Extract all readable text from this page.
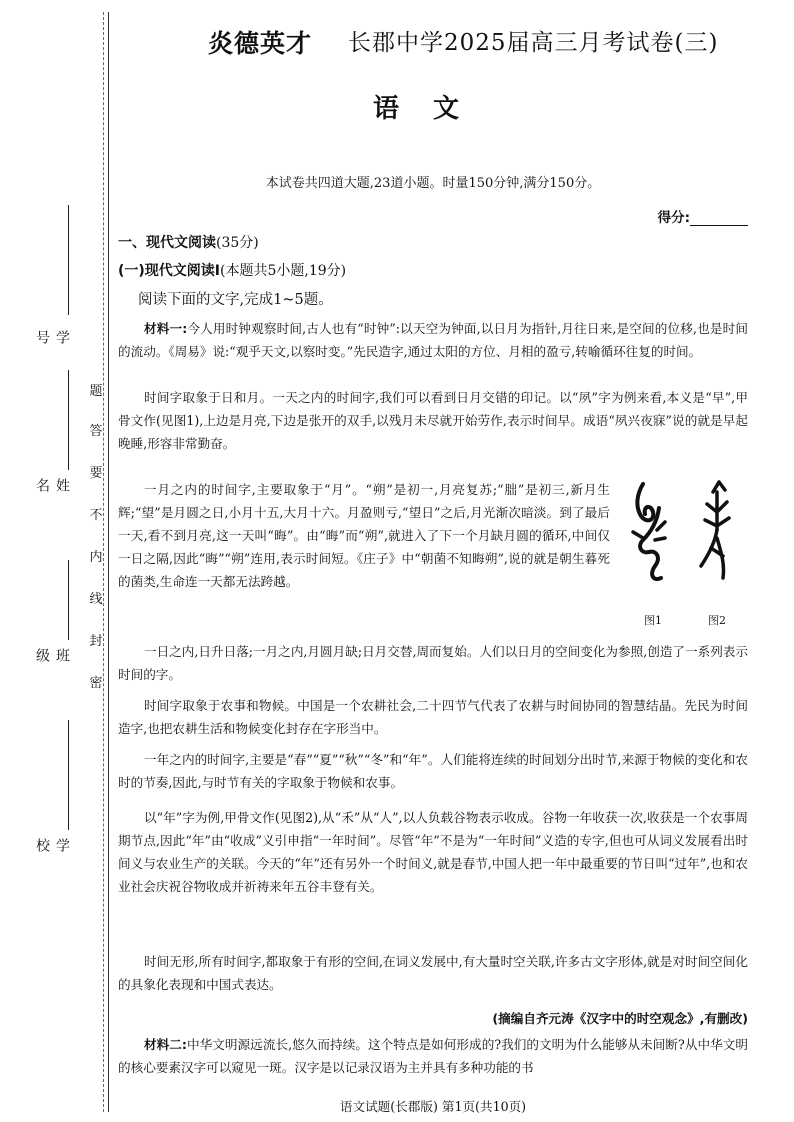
题
答
要
不
内
线
封
密
学号
姓名
班级
学校
炎德英才 长郡中学2025届高三月考试卷(三)
语文
本试卷共四道大题,23道小题。时量150分钟,满分150分。
得分:
一、现代文阅读(35分)
(一)现代文阅读Ⅰ(本题共5小题,19分)
阅读下面的文字,完成1~5题。
材料一:今人用时钟观察时间,古人也有“时钟”:以天空为钟面,以日月为指针,月往日来,是空间的位移,也是时间的流动。《周易》说:“观乎天文,以察时变。”先民造字,通过太阳的方位、月相的盈亏,转喻循环往复的时间。
时间字取象于日和月。一天之内的时间字,我们可以看到日月交错的印记。以“夙”字为例来看,本义是“早”,甲骨文作(见图1),上边是月亮,下边是张开的双手,以残月未尽就开始劳作,表示时间早。成语“夙兴夜寐”说的就是早起晚睡,形容非常勤奋。
一月之内的时间字,主要取象于“月”。“朔”是初一,月亮复苏;“朏”是初三,新月生辉;“望”是月圆之日,小月十五,大月十六。月盈则亏,“望日”之后,月光渐次暗淡。到了最后一天,看不到月亮,这一天叫“晦”。由“晦”而“朔”,就进入了下一个月缺月圆的循环,中间仅一日之隔,因此“晦”“朔”连用,表示时间短。《庄子》中“朝菌不知晦朔”,说的就是朝生暮死的菌类,生命连一天都无法跨越。
图1	图2
一日之内,日升日落;一月之内,月圆月缺;日月交替,周而复始。人们以日月的空间变化为参照,创造了一系列表示时间的字。
时间字取象于农事和物候。中国是一个农耕社会,二十四节气代表了农耕与时间协同的智慧结晶。先民为时间造字,也把农耕生活和物候变化封存在字形当中。
一年之内的时间字,主要是“春”“夏”“秋”“冬”和“年”。人们能将连续的时间划分出时节,来源于物候的变化和农时的节奏,因此,与时节有关的字取象于物候和农事。
以“年”字为例,甲骨文作(见图2),从“禾”从“人”,以人负载谷物表示收成。谷物一年收获一次,收获是一个农事周期节点,因此“年”由“收成”义引申指“一年时间”。尽管“年”不是为“一年时间”义造的专字,但也可从词义发展看出时间义与农业生产的关联。今天的“年”还有另外一个时间义,就是春节,中国人把一年中最重要的节日叫“过年”,也和农业社会庆祝谷物收成并祈祷来年五谷丰登有关。
时间无形,所有时间字,都取象于有形的空间,在词义发展中,有大量时空关联,许多古文字形体,就是对时间空间化的具象化表现和中国式表达。
(摘编自齐元涛《汉字中的时空观念》,有删改)
材料二:中华文明源远流长,悠久而持续。这个特点是如何形成的?我们的文明为什么能够从未间断?从中华文明的核心要素汉字可以窥见一斑。汉字是以记录汉语为主并具有多种功能的书
语文试题(长郡版) 第1页(共10页)
